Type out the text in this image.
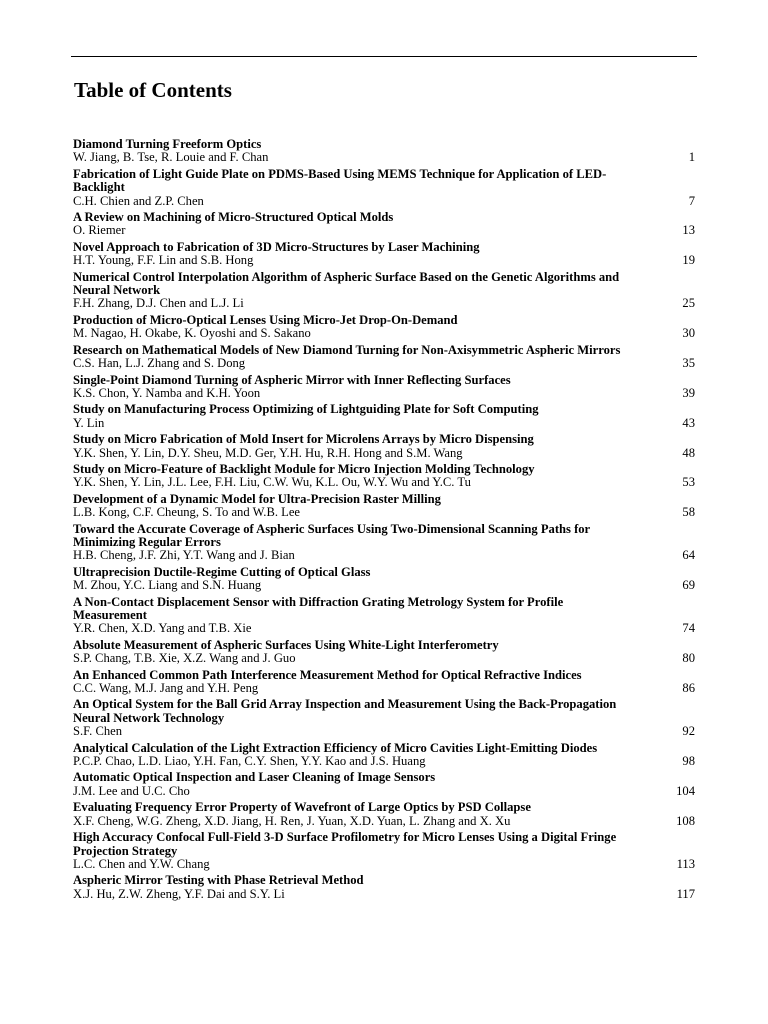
Table of Contents
Diamond Turning Freeform Optics
W. Jiang, B. Tse, R. Louie and F. Chan	1
Fabrication of Light Guide Plate on PDMS-Based Using MEMS Technique for Application of LED-Backlight
C.H. Chien and Z.P. Chen	7
A Review on Machining of Micro-Structured Optical Molds
O. Riemer	13
Novel Approach to Fabrication of 3D Micro-Structures by Laser Machining
H.T. Young, F.F. Lin and S.B. Hong	19
Numerical Control Interpolation Algorithm of Aspheric Surface Based on the Genetic Algorithms and Neural Network
F.H. Zhang, D.J. Chen and L.J. Li	25
Production of Micro-Optical Lenses Using Micro-Jet Drop-On-Demand
M. Nagao, H. Okabe, K. Oyoshi and S. Sakano	30
Research on Mathematical Models of New Diamond Turning for Non-Axisymmetric Aspheric Mirrors
C.S. Han, L.J. Zhang and S. Dong	35
Single-Point Diamond Turning of Aspheric Mirror with Inner Reflecting Surfaces
K.S. Chon, Y. Namba and K.H. Yoon	39
Study on Manufacturing Process Optimizing of Lightguiding Plate for Soft Computing
Y. Lin	43
Study on Micro Fabrication of Mold Insert for Microlens Arrays by Micro Dispensing
Y.K. Shen, Y. Lin, D.Y. Sheu, M.D. Ger, Y.H. Hu, R.H. Hong and S.M. Wang	48
Study on Micro-Feature of Backlight Module for Micro Injection Molding Technology
Y.K. Shen, Y. Lin, J.L. Lee, F.H. Liu, C.W. Wu, K.L. Ou, W.Y. Wu and Y.C. Tu	53
Development of a Dynamic Model for Ultra-Precision Raster Milling
L.B. Kong, C.F. Cheung, S. To and W.B. Lee	58
Toward the Accurate Coverage of Aspheric Surfaces Using Two-Dimensional Scanning Paths for Minimizing Regular Errors
H.B. Cheng, J.F. Zhi, Y.T. Wang and J. Bian	64
Ultraprecision Ductile-Regime Cutting of Optical Glass
M. Zhou, Y.C. Liang and S.N. Huang	69
A Non-Contact Displacement Sensor with Diffraction Grating Metrology System for Profile Measurement
Y.R. Chen, X.D. Yang and T.B. Xie	74
Absolute Measurement of Aspheric Surfaces Using White-Light Interferometry
S.P. Chang, T.B. Xie, X.Z. Wang and J. Guo	80
An Enhanced Common Path Interference Measurement Method for Optical Refractive Indices
C.C. Wang, M.J. Jang and Y.H. Peng	86
An Optical System for the Ball Grid Array Inspection and Measurement Using the Back-Propagation Neural Network Technology
S.F. Chen	92
Analytical Calculation of the Light Extraction Efficiency of Micro Cavities Light-Emitting Diodes
P.C.P. Chao, L.D. Liao, Y.H. Fan, C.Y. Shen, Y.Y. Kao and J.S. Huang	98
Automatic Optical Inspection and Laser Cleaning of Image Sensors
J.M. Lee and U.C. Cho	104
Evaluating Frequency Error Property of Wavefront of Large Optics by PSD Collapse
X.F. Cheng, W.G. Zheng, X.D. Jiang, H. Ren, J. Yuan, X.D. Yuan, L. Zhang and X. Xu	108
High Accuracy Confocal Full-Field 3-D Surface Profilometry for Micro Lenses Using a Digital Fringe Projection Strategy
L.C. Chen and Y.W. Chang	113
Aspheric Mirror Testing with Phase Retrieval Method
X.J. Hu, Z.W. Zheng, Y.F. Dai and S.Y. Li	117
